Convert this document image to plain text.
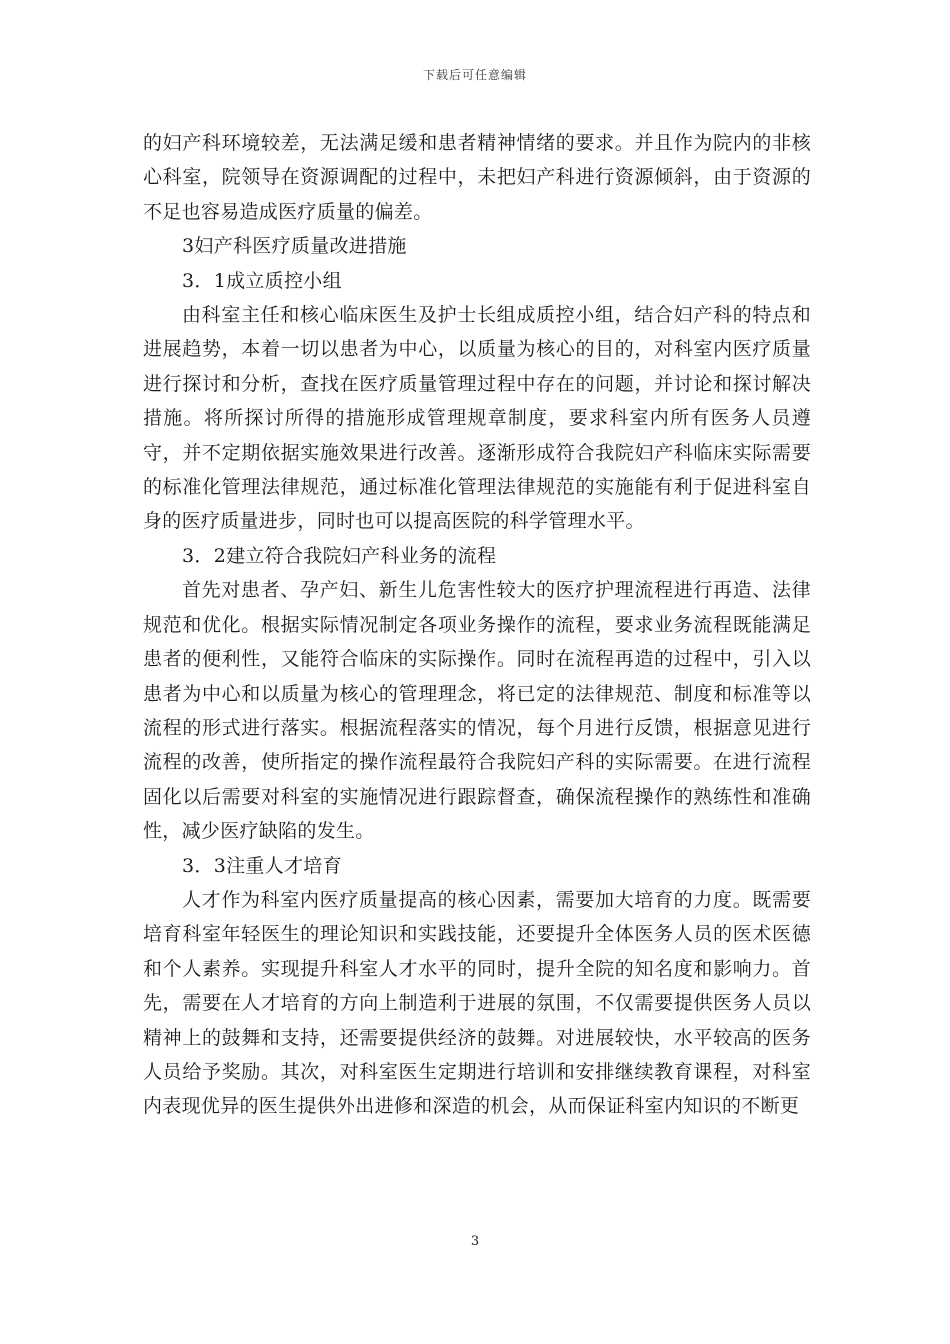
下载后可任意编辑

的妇产科环境较差，无法满足缓和患者精神情绪的要求。并且作为院内的非核心科室，院领导在资源调配的过程中，未把妇产科进行资源倾斜，由于资源的不足也容易造成医疗质量的偏差。

3妇产科医疗质量改进措施

3．1成立质控小组

由科室主任和核心临床医生及护士长组成质控小组，结合妇产科的特点和进展趋势，本着一切以患者为中心，以质量为核心的目的，对科室内医疗质量进行探讨和分析，查找在医疗质量管理过程中存在的问题，并讨论和探讨解决措施。将所探讨所得的措施形成管理规章制度，要求科室内所有医务人员遵守，并不定期依据实施效果进行改善。逐渐形成符合我院妇产科临床实际需要的标准化管理法律规范，通过标准化管理法律规范的实施能有利于促进科室自身的医疗质量进步，同时也可以提高医院的科学管理水平。

3．2建立符合我院妇产科业务的流程

首先对患者、孕产妇、新生儿危害性较大的医疗护理流程进行再造、法律规范和优化。根据实际情况制定各项业务操作的流程，要求业务流程既能满足患者的便利性，又能符合临床的实际操作。同时在流程再造的过程中，引入以患者为中心和以质量为核心的管理理念，将已定的法律规范、制度和标准等以流程的形式进行落实。根据流程落实的情况，每个月进行反馈，根据意见进行流程的改善，使所指定的操作流程最符合我院妇产科的实际需要。在进行流程固化以后需要对科室的实施情况进行跟踪督查，确保流程操作的熟练性和准确性，减少医疗缺陷的发生。

3．3注重人才培育

人才作为科室内医疗质量提高的核心因素，需要加大培育的力度。既需要培育科室年轻医生的理论知识和实践技能，还要提升全体医务人员的医术医德和个人素养。实现提升科室人才水平的同时，提升全院的知名度和影响力。首先，需要在人才培育的方向上制造利于进展的氛围，不仅需要提供医务人员以精神上的鼓舞和支持，还需要提供经济的鼓舞。对进展较快，水平较高的医务人员给予奖励。其次，对科室医生定期进行培训和安排继续教育课程，对科室内表现优异的医生提供外出进修和深造的机会，从而保证科室内知识的不断更

3
